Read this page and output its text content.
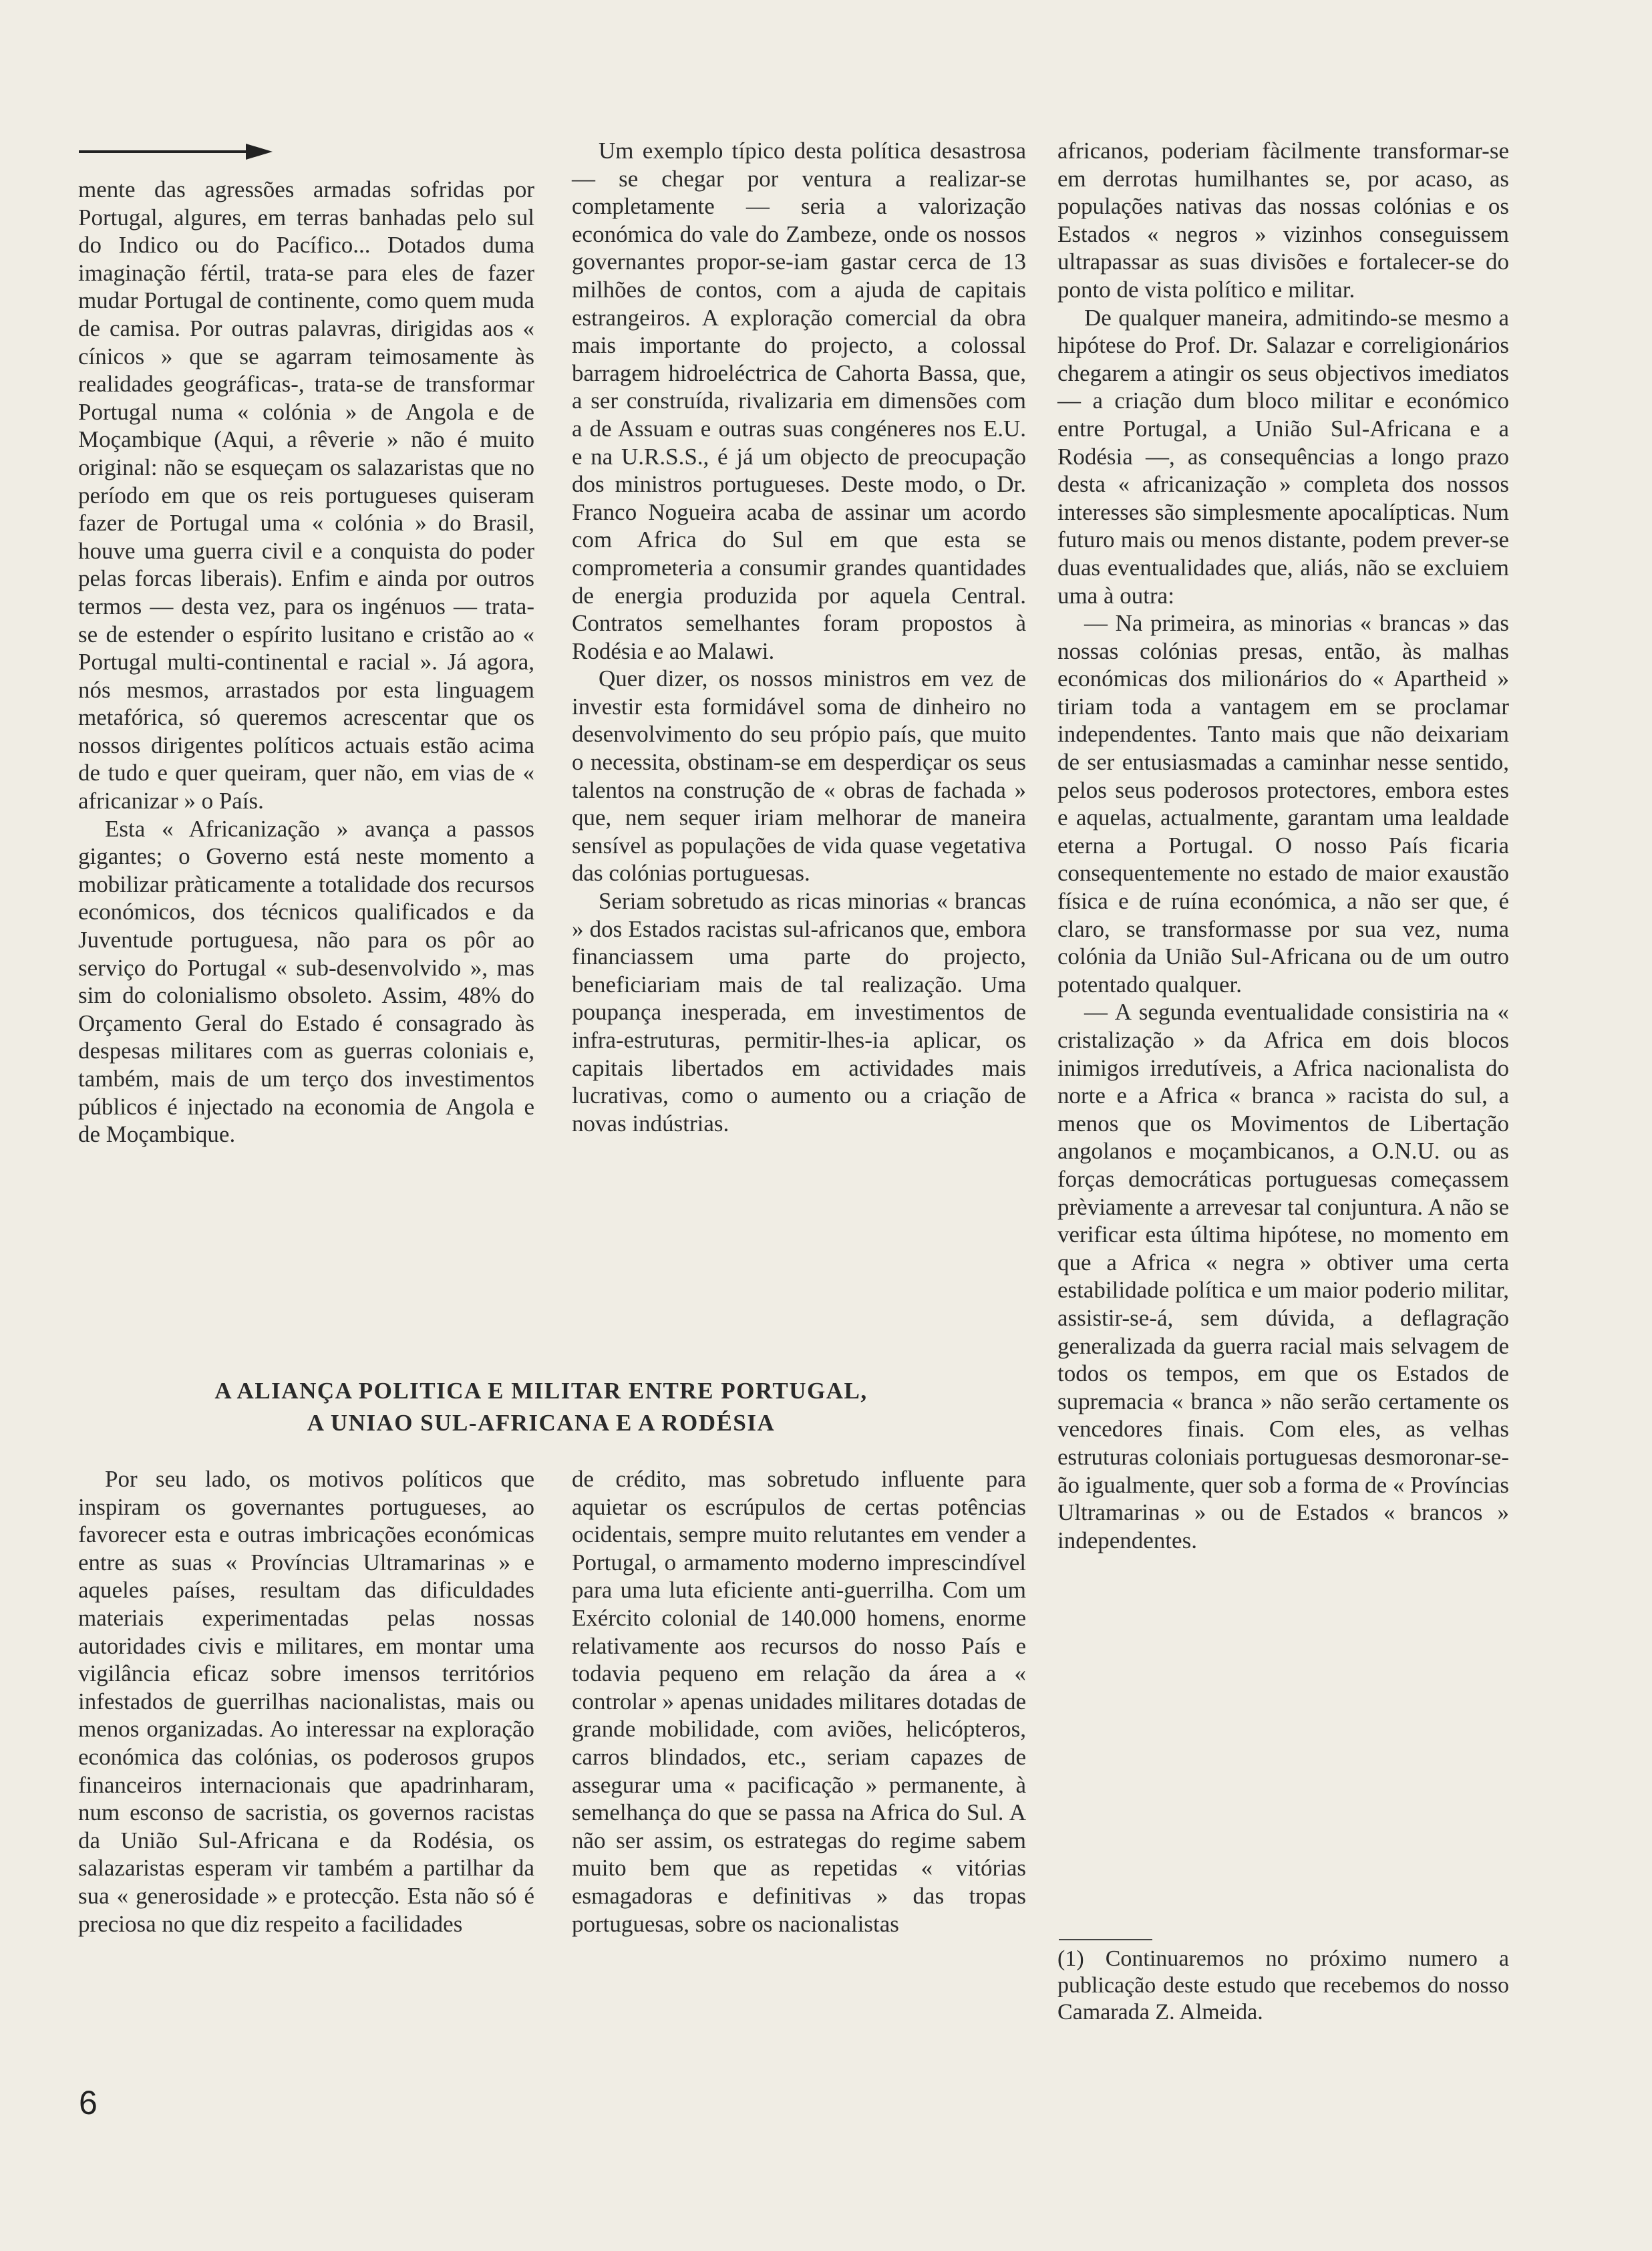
mente das agressões armadas sofridas por Portugal, algures, em terras banhadas pelo sul do Indico ou do Pacífico... Dotados duma imaginação fértil, trata-se para eles de fazer mudar Portugal de continente, como quem muda de camisa. Por outras palavras, dirigidas aos « cínicos » que se agarram teimosamente às realidades geográficas-, trata-se de transformar Portugal numa « colónia » de Angola e de Moçambique (Aqui, a rêverie » não é muito original: não se esqueçam os salazaristas que no período em que os reis portugueses quiseram fazer de Portugal uma « colónia » do Brasil, houve uma guerra civil e a conquista do poder pelas forcas liberais). Enfim e ainda por outros termos — desta vez, para os ingénuos — trata-se de estender o espírito lusitano e cristão ao « Portugal multi-continental e racial ». Já agora, nós mesmos, arrastados por esta linguagem metafórica, só queremos acrescentar que os nossos dirigentes políticos actuais estão acima de tudo e quer queiram, quer não, em vias de « africanizar » o País.

Esta « Africanização » avança a passos gigantes; o Governo está neste momento a mobilizar pràticamente a totalidade dos recursos económicos, dos técnicos qualificados e da Juventude portuguesa, não para os pôr ao serviço do Portugal « sub-desenvolvido », mas sim do colonialismo obsoleto. Assim, 48% do Orçamento Geral do Estado é consagrado às despesas militares com as guerras coloniais e, também, mais de um terço dos investimentos públicos é injectado na economia de Angola e de Moçambique.

Um exemplo típico desta política desastrosa — se chegar por ventura a realizar-se completamente — seria a valorização económica do vale do Zambeze, onde os nossos governantes propor-se-iam gastar cerca de 13 milhões de contos, com a ajuda de capitais estrangeiros. A exploração comercial da obra mais importante do projecto, a colossal barragem hidroeléctrica de Cahorta Bassa, que, a ser construída, rivalizaria em dimensões com a de Assuam e outras suas congéneres nos E.U. e na U.R.S.S., é já um objecto de preocupação dos ministros portugueses. Deste modo, o Dr. Franco Nogueira acaba de assinar um acordo com Africa do Sul em que esta se comprometeria a consumir grandes quantidades de energia produzida por aquela Central. Contratos semelhantes foram propostos à Rodésia e ao Malawi.

Quer dizer, os nossos ministros em vez de investir esta formidável soma de dinheiro no desenvolvimento do seu própio país, que muito o necessita, obstinam-se em desperdiçar os seus talentos na construção de « obras de fachada » que, nem sequer iriam melhorar de maneira sensível as populações de vida quase vegetativa das colónias portuguesas.

Seriam sobretudo as ricas minorias « brancas » dos Estados racistas sul-africanos que, embora financiassem uma parte do projecto, beneficiariam mais de tal realização. Uma poupança inesperada, em investimentos de infra-estruturas, permitir-lhes-ia aplicar, os capitais libertados em actividades mais lucrativas, como o aumento ou a criação de novas indústrias.

africanos, poderiam fàcilmente transformar-se em derrotas humilhantes se, por acaso, as populações nativas das nossas colónias e os Estados « negros » vizinhos conseguissem ultrapassar as suas divisões e fortalecer-se do ponto de vista político e militar.

De qualquer maneira, admitindo-se mesmo a hipótese do Prof. Dr. Salazar e correligionários chegarem a atingir os seus objectivos imediatos — a criação dum bloco militar e económico entre Portugal, a União Sul-Africana e a Rodésia —, as consequências a longo prazo desta « africanização » completa dos nossos interesses são simplesmente apocalípticas. Num futuro mais ou menos distante, podem prever-se duas eventualidades que, aliás, não se excluiem uma à outra:

— Na primeira, as minorias « brancas » das nossas colónias presas, então, às malhas económicas dos milionários do « Apartheid » tiriam toda a vantagem em se proclamar independentes. Tanto mais que não deixariam de ser entusiasmadas a caminhar nesse sentido, pelos seus poderosos protectores, embora estes e aquelas, actualmente, garantam uma lealdade eterna a Portugal. O nosso País ficaria consequentemente no estado de maior exaustão física e de ruína económica, a não ser que, é claro, se transformasse por sua vez, numa colónia da União Sul-Africana ou de um outro potentado qualquer.

— A segunda eventualidade consistiria na « cristalização » da Africa em dois blocos inimigos irredutíveis, a Africa nacionalista do norte e a Africa « branca » racista do sul, a menos que os Movimentos de Libertação angolanos e moçambicanos, a O.N.U. ou as forças democráticas portuguesas começassem prèviamente a arrevesar tal conjuntura. A não se verificar esta última hipótese, no momento em que a Africa « negra » obtiver uma certa estabilidade política e um maior poderio militar, assistir-se-á, sem dúvida, a deflagração generalizada da guerra racial mais selvagem de todos os tempos, em que os Estados de supremacia « branca » não serão certamente os vencedores finais. Com eles, as velhas estruturas coloniais portuguesas desmoronar-se-ão igualmente, quer sob a forma de « Províncias Ultramarinas » ou de Estados « brancos » independentes.

A ALIANÇA POLITICA E MILITAR ENTRE PORTUGAL,
A UNIAO SUL-AFRICANA E A RODÉSIA

Por seu lado, os motivos políticos que inspiram os governantes portugueses, ao favorecer esta e outras imbricações económicas entre as suas « Províncias Ultramarinas » e aqueles países, resultam das dificuldades materiais experimentadas pelas nossas autoridades civis e militares, em montar uma vigilância eficaz sobre imensos territórios infestados de guerrilhas nacionalistas, mais ou menos organizadas. Ao interessar na exploração económica das colónias, os poderosos grupos financeiros internacionais que apadrinharam, num esconso de sacristia, os governos racistas da União Sul-Africana e da Rodésia, os salazaristas esperam vir também a partilhar da sua « generosidade » e protecção. Esta não só é preciosa no que diz respeito a facilidades

de crédito, mas sobretudo influente para aquietar os escrúpulos de certas potências ocidentais, sempre muito relutantes em vender a Portugal, o armamento moderno imprescindível para uma luta eficiente anti-guerrilha. Com um Exército colonial de 140.000 homens, enorme relativamente aos recursos do nosso País e todavia pequeno em relação da área a « controlar » apenas unidades militares dotadas de grande mobilidade, com aviões, helicópteros, carros blindados, etc., seriam capazes de assegurar uma « pacificação » permanente, à semelhança do que se passa na Africa do Sul. A não ser assim, os estrategas do regime sabem muito bem que as repetidas « vitórias esmagadoras e definitivas » das tropas portuguesas, sobre os nacionalistas

(1) Continuaremos no próximo numero a publicação deste estudo que recebemos do nosso Camarada Z. Almeida.
6
